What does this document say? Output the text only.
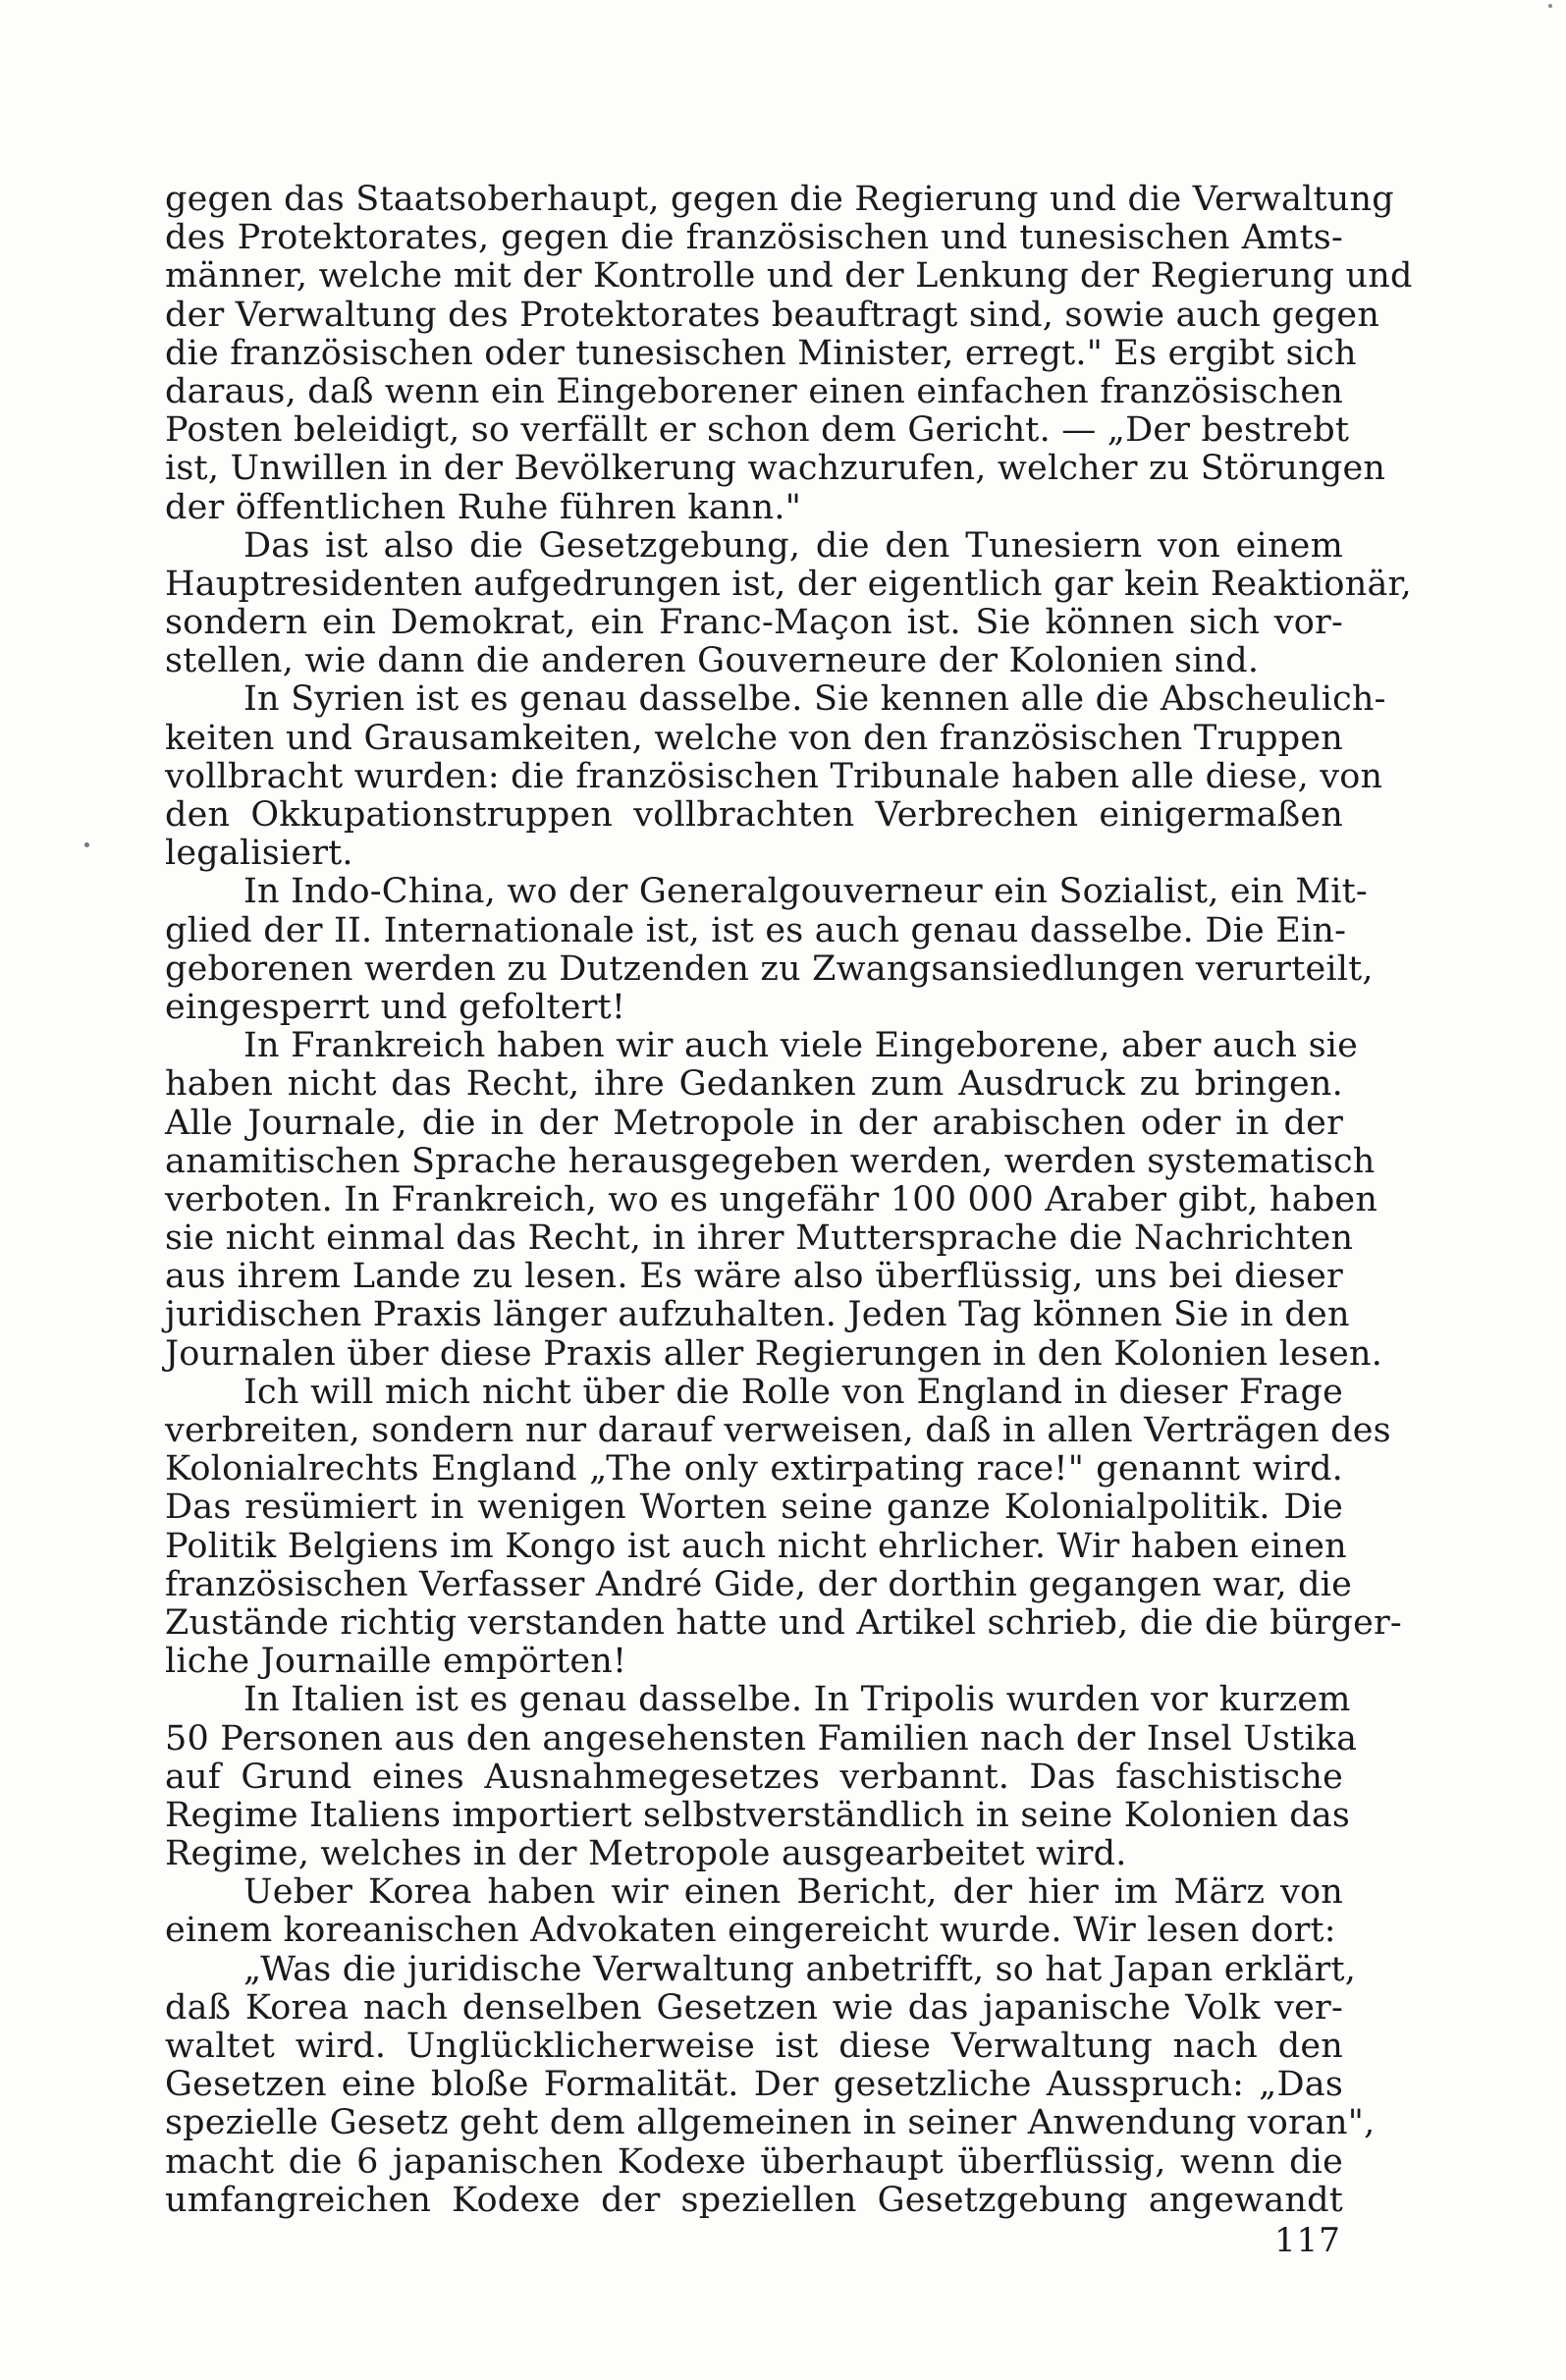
gegen das Staatsoberhaupt, gegen die Regierung und die Verwaltung
des Protektorates, gegen die französischen und tunesischen Amts-
männer, welche mit der Kontrolle und der Lenkung der Regierung und
der Verwaltung des Protektorates beauftragt sind, sowie auch gegen
die französischen oder tunesischen Minister, erregt." Es ergibt sich
daraus, daß wenn ein Eingeborener einen einfachen französischen
Posten beleidigt, so verfällt er schon dem Gericht. — „Der bestrebt
ist, Unwillen in der Bevölkerung wachzurufen, welcher zu Störungen
der öffentlichen Ruhe führen kann."
Das ist also die Gesetzgebung, die den Tunesiern von einem
Hauptresidenten aufgedrungen ist, der eigentlich gar kein Reaktionär,
sondern ein Demokrat, ein Franc-Maçon ist. Sie können sich vor-
stellen, wie dann die anderen Gouverneure der Kolonien sind.
In Syrien ist es genau dasselbe. Sie kennen alle die Abscheulich-
keiten und Grausamkeiten, welche von den französischen Truppen
vollbracht wurden: die französischen Tribunale haben alle diese, von
den Okkupationstruppen vollbrachten Verbrechen einigermaßen
legalisiert.
In Indo-China, wo der Generalgouverneur ein Sozialist, ein Mit-
glied der II. Internationale ist, ist es auch genau dasselbe. Die Ein-
geborenen werden zu Dutzenden zu Zwangsansiedlungen verurteilt,
eingesperrt und gefoltert!
In Frankreich haben wir auch viele Eingeborene, aber auch sie
haben nicht das Recht, ihre Gedanken zum Ausdruck zu bringen.
Alle Journale, die in der Metropole in der arabischen oder in der
anamitischen Sprache herausgegeben werden, werden systematisch
verboten. In Frankreich, wo es ungefähr 100 000 Araber gibt, haben
sie nicht einmal das Recht, in ihrer Muttersprache die Nachrichten
aus ihrem Lande zu lesen. Es wäre also überflüssig, uns bei dieser
juridischen Praxis länger aufzuhalten. Jeden Tag können Sie in den
Journalen über diese Praxis aller Regierungen in den Kolonien lesen.
Ich will mich nicht über die Rolle von England in dieser Frage
verbreiten, sondern nur darauf verweisen, daß in allen Verträgen des
Kolonialrechts England „The only extirpating race!" genannt wird.
Das resümiert in wenigen Worten seine ganze Kolonialpolitik. Die
Politik Belgiens im Kongo ist auch nicht ehrlicher. Wir haben einen
französischen Verfasser André Gide, der dorthin gegangen war, die
Zustände richtig verstanden hatte und Artikel schrieb, die die bürger-
liche Journaille empörten!
In Italien ist es genau dasselbe. In Tripolis wurden vor kurzem
50 Personen aus den angesehensten Familien nach der Insel Ustika
auf Grund eines Ausnahmegesetzes verbannt. Das faschistische
Regime Italiens importiert selbstverständlich in seine Kolonien das
Regime, welches in der Metropole ausgearbeitet wird.
Ueber Korea haben wir einen Bericht, der hier im März von
einem koreanischen Advokaten eingereicht wurde. Wir lesen dort:
„Was die juridische Verwaltung anbetrifft, so hat Japan erklärt,
daß Korea nach denselben Gesetzen wie das japanische Volk ver-
waltet wird. Unglücklicherweise ist diese Verwaltung nach den
Gesetzen eine bloße Formalität. Der gesetzliche Ausspruch: „Das
spezielle Gesetz geht dem allgemeinen in seiner Anwendung voran",
macht die 6 japanischen Kodexe überhaupt überflüssig, wenn die
umfangreichen Kodexe der speziellen Gesetzgebung angewandt
117
